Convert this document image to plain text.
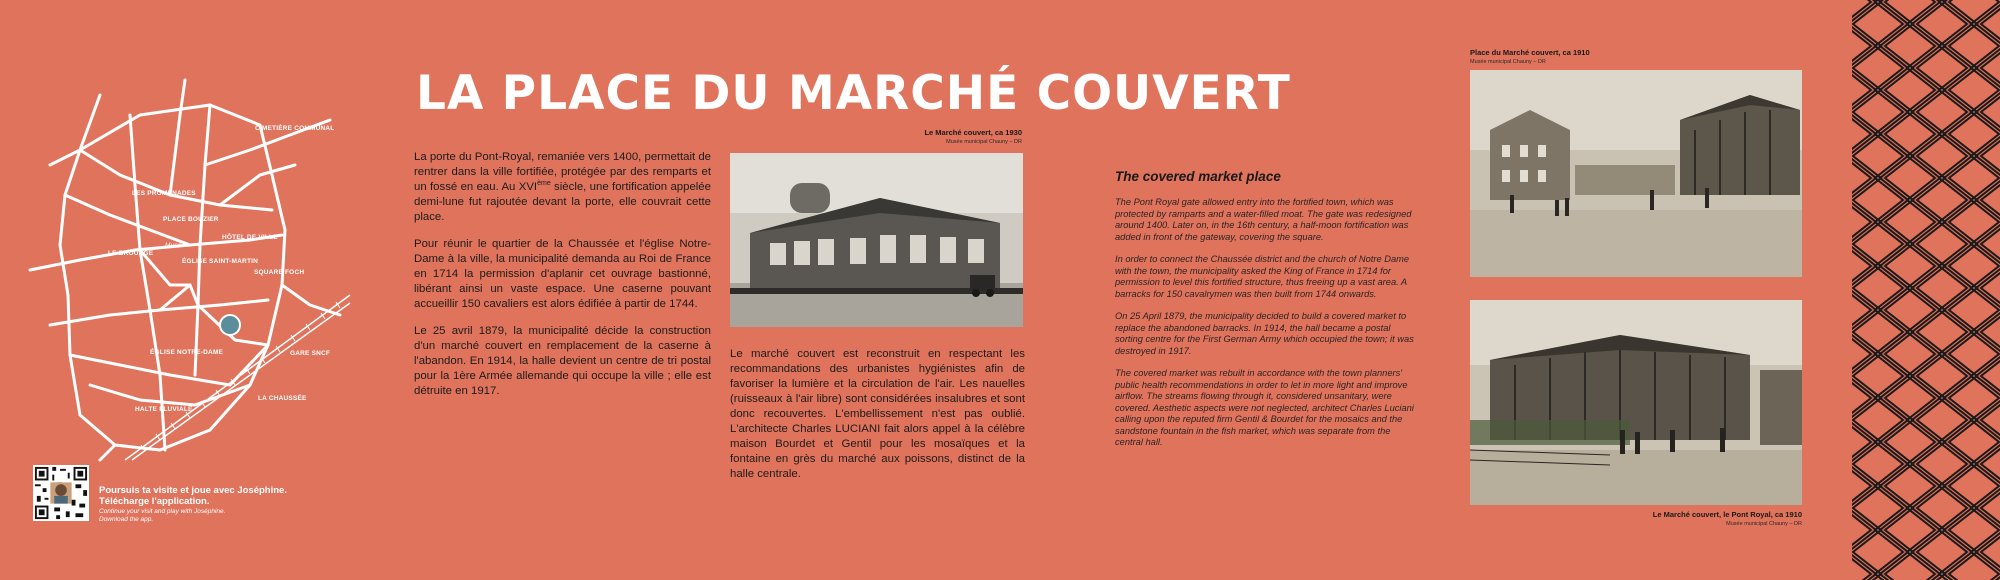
CIMETIÈRE COMMUNAL
LES PROMENADES
PLACE BOUZIER
HÔTEL DE VILLE
Musée
LE BROUAGE
ÉGLISE SAINT-MARTIN
SQUARE FOCH
ÉGLISE NOTRE-DAME	GARE SNCF
HALTE FLUVIALE
LA CHAUSSÉE
Poursuis ta visite et joue avec Joséphine.
Télécharge l'application.
Continue your visit and play with Joséphine.
Download the app.
LA PLACE DU MARCHÉ COUVERT

La porte du Pont-Royal, remaniée vers 1400, permettait de rentrer dans la ville fortifiée, protégée par des remparts et un fossé en eau. Au XVIème siècle, une fortification appelée demi-lune fut rajoutée devant la porte, elle couvrait cette place.

Pour réunir le quartier de la Chaussée et l'église Notre-Dame à la ville, la municipalité demanda au Roi de France en 1714 la permission d'aplanir cet ouvrage bastionné, libérant ainsi un vaste espace. Une caserne pouvant accueillir 150 cavaliers est alors édifiée à partir de 1744.

Le 25 avril 1879, la municipalité décide la construction d'un marché couvert en remplacement de la caserne à l'abandon. En 1914, la halle devient un centre de tri postal pour la 1ère Armée allemande qui occupe la ville ; elle est détruite en 1917.

Le Marché couvert, ca 1930
Musée municipal Chauny – DR
Le marché couvert est reconstruit en respectant les recommandations des urbanistes hygiénistes afin de favoriser la lumière et la circulation de l'air. Les nauelles (ruisseaux à l'air libre) sont considérées insalubres et sont donc recouvertes. L'embellissement n'est pas oublié. L'architecte Charles LUCIANI fait alors appel à la célèbre maison Bourdet et Gentil pour les mosaïques et la fontaine en grès du marché aux poissons, distinct de la halle centrale.
The covered market place

The Pont Royal gate allowed entry into the fortified town, which was protected by ramparts and a water-filled moat. The gate was redesigned around 1400. Later on, in the 16th century, a half-moon fortification was added in front of the gateway, covering the square.

In order to connect the Chaussée district and the church of Notre Dame with the town, the municipality asked the King of France in 1714 for permission to level this fortified structure, thus freeing up a vast area. A barracks for 150 cavalrymen was then built from 1744 onwards.

On 25 April 1879, the municipality decided to build a covered market to replace the abandoned barracks. In 1914, the hall became a postal sorting centre for the First German Army which occupied the town; it was destroyed in 1917.

The covered market was rebuilt in accordance with the town planners' public health recommendations in order to let in more light and improve airflow. The streams flowing through it, considered unsanitary, were covered. Aesthetic aspects were not neglected, architect Charles Luciani calling upon the reputed firm Gentil & Bourdet for the mosaics and the sandstone fountain in the fish market, which was separate from the central hall.

Place du Marché couvert, ca 1910
Musée municipal Chauny – DR
Le Marché couvert, le Pont Royal, ca 1910
Musée municipal Chauny – DR
